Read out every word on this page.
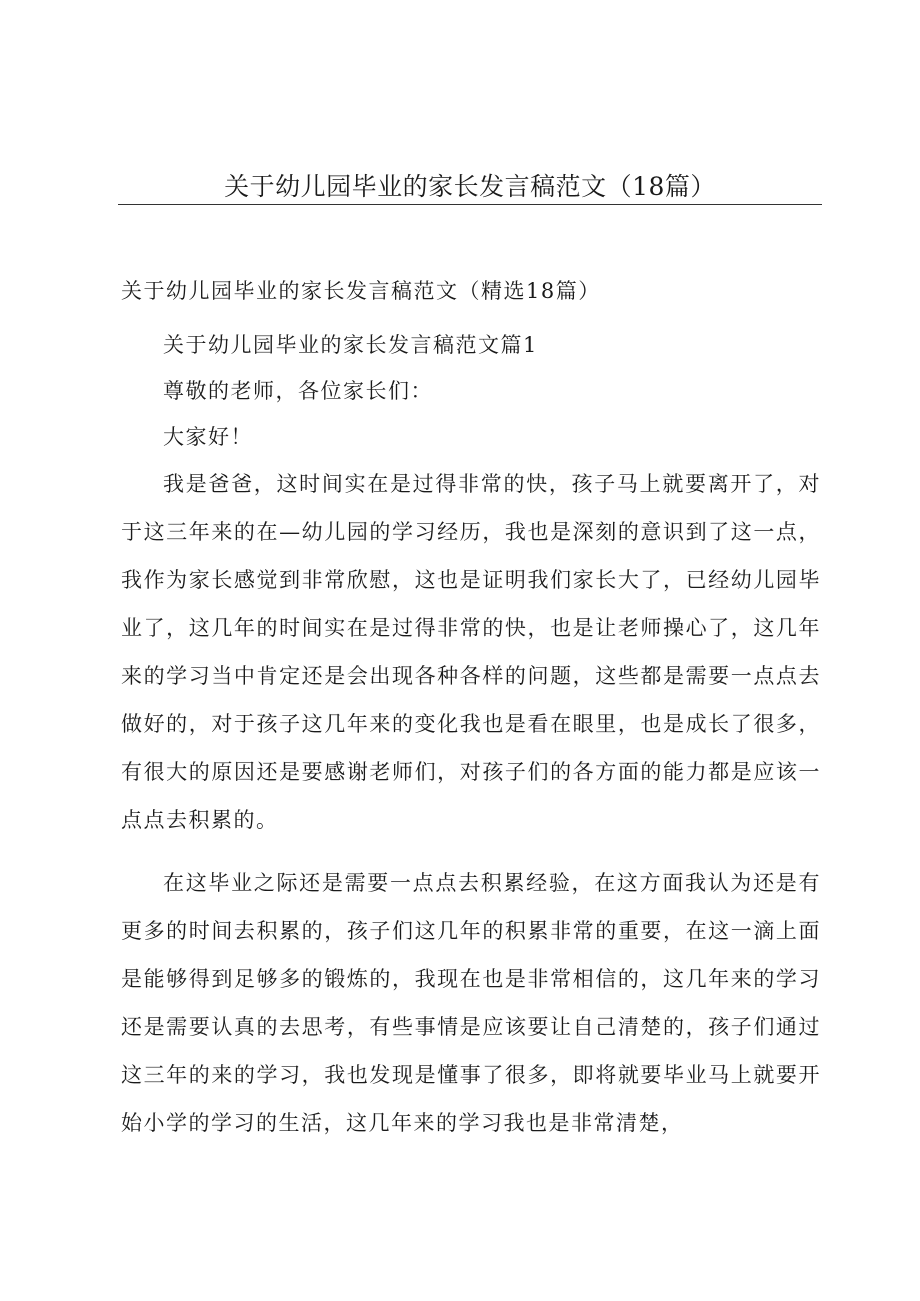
关于幼儿园毕业的家长发言稿范文（18篇）
关于幼儿园毕业的家长发言稿范文（精选18篇）

关于幼儿园毕业的家长发言稿范文篇1

尊敬的老师，各位家长们：

大家好！

我是爸爸，这时间实在是过得非常的快，孩子马上就要离开了，对于这三年来的在—幼儿园的学习经历，我也是深刻的意识到了这一点，我作为家长感觉到非常欣慰，这也是证明我们家长大了，已经幼儿园毕业了，这几年的时间实在是过得非常的快，也是让老师操心了，这几年来的学习当中肯定还是会出现各种各样的问题，这些都是需要一点点去做好的，对于孩子这几年来的变化我也是看在眼里，也是成长了很多，有很大的原因还是要感谢老师们，对孩子们的各方面的能力都是应该一点点去积累的。

在这毕业之际还是需要一点点去积累经验，在这方面我认为还是有更多的时间去积累的，孩子们这几年的积累非常的重要，在这一滴上面是能够得到足够多的锻炼的，我现在也是非常相信的，这几年来的学习还是需要认真的去思考，有些事情是应该要让自己清楚的，孩子们通过这三年的来的学习，我也发现是懂事了很多，即将就要毕业马上就要开始小学的学习的生活，这几年来的学习我也是非常清楚，
